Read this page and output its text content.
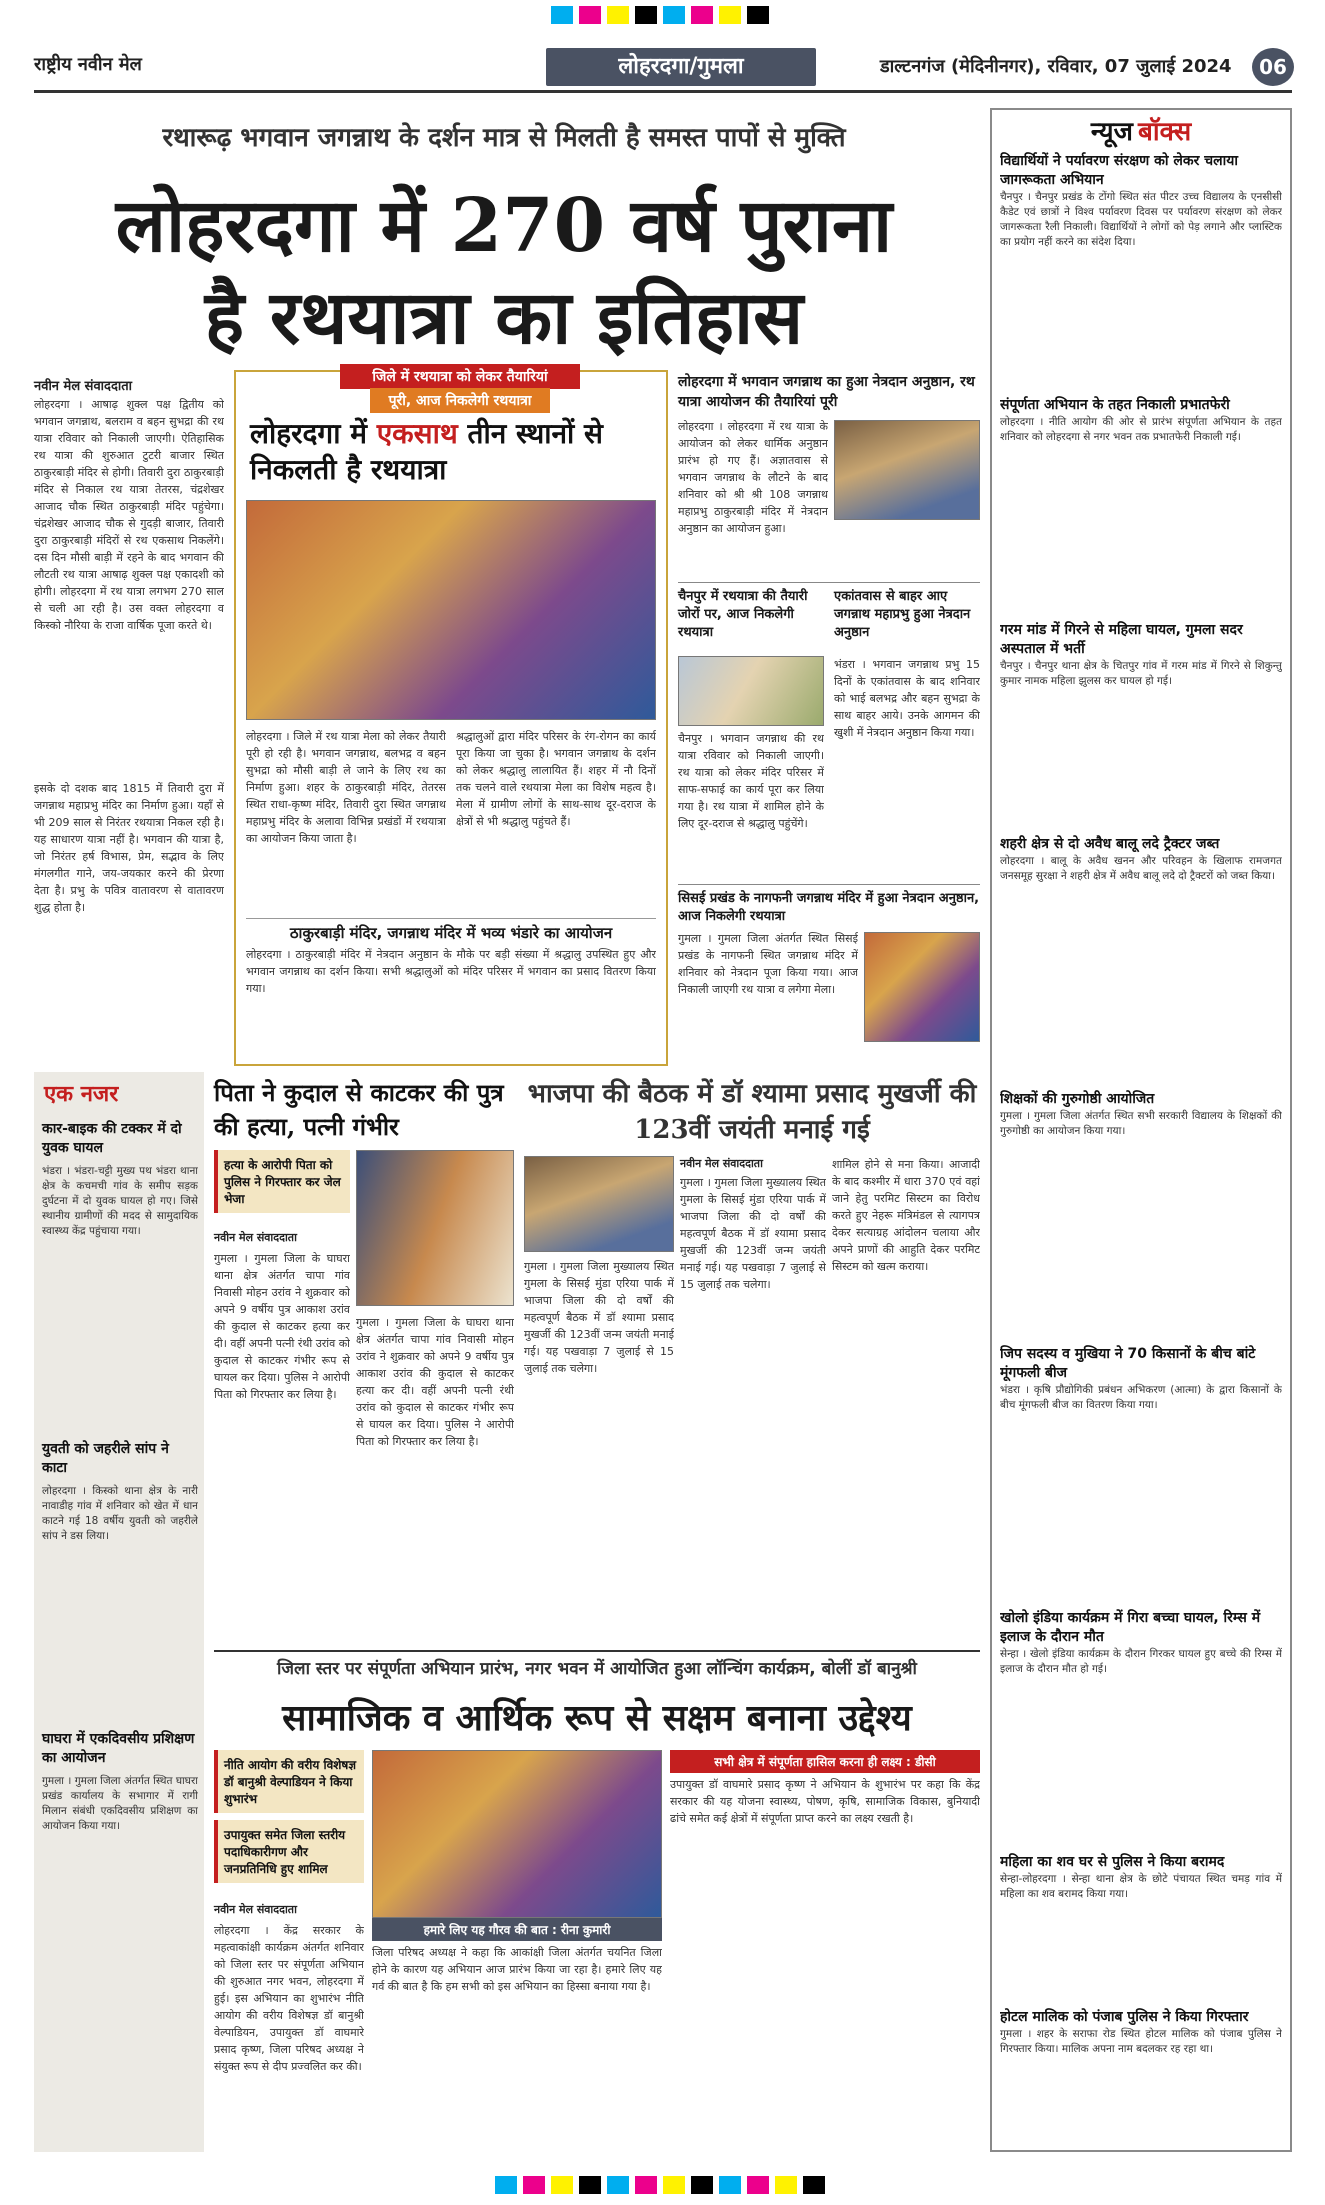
राष्ट्रीय नवीन मेल	लोहरदगा/गुमला	डाल्टनगंज (मेदिनीनगर), रविवार, 07 जुलाई 2024	06
रथारूढ़ भगवान जगन्नाथ के दर्शन मात्र से मिलती है समस्त पापों से मुक्ति
लोहरदगा में 270 वर्ष पुराना
है रथयात्रा का इतिहास
नवीन मेल संवाददाता
लोहरदगा । आषाढ़ शुक्ल पक्ष द्वितीय को भगवान जगन्नाथ, बलराम व बहन सुभद्रा की रथ यात्रा रविवार को निकाली जाएगी। ऐतिहासिक रथ यात्रा की शुरुआत टुटरी बाजार स्थित ठाकुरबाड़ी मंदिर से होगी। तिवारी दुरा ठाकुरबाड़ी मंदिर से निकाल रथ यात्रा तेतरस, चंद्रशेखर आजाद चौक स्थित ठाकुरबाड़ी मंदिर पहुंचेगा। चंद्रशेखर आजाद चौक से गुदड़ी बाजार, तिवारी दुरा ठाकुरबाड़ी मंदिरों से रथ एकसाथ निकलेंगे। दस दिन मौसी बाड़ी में रहने के बाद भगवान की लौटती रथ यात्रा आषाढ़ शुक्ल पक्ष एकादशी को होगी। लोहरदगा में रथ यात्रा लगभग 270 साल से चली आ रही है। उस वक्त लोहरदगा व किस्को नौरिया के राजा वार्षिक पूजा करते थे।
इसके दो दशक बाद 1815 में तिवारी दुरा में जगन्नाथ महाप्रभु मंदिर का निर्माण हुआ। यहाँ से भी 209 साल से निरंतर रथयात्रा निकल रही है। यह साधारण यात्रा नहीं है। भगवान की यात्रा है, जो निरंतर हर्ष विभास, प्रेम, सद्भाव के लिए मंगलगीत गाने, जय-जयकार करने की प्रेरणा देता है। प्रभु के पवित्र वातावरण से वातावरण शुद्ध होता है।
जिले में रथयात्रा को लेकर तैयारियां
पूरी, आज निकलेगी रथयात्रा
लोहरदगा में एकसाथ तीन स्थानों से निकलती है रथयात्रा
लोहरदगा । जिले में रथ यात्रा मेला को लेकर तैयारी पूरी हो रही है। भगवान जगन्नाथ, बलभद्र व बहन सुभद्रा को मौसी बाड़ी ले जाने के लिए रथ का निर्माण हुआ। शहर के ठाकुरबाड़ी मंदिर, तेतरस स्थित राधा-कृष्ण मंदिर, तिवारी दुरा स्थित जगन्नाथ महाप्रभु मंदिर के अलावा विभिन्न प्रखंडों में रथयात्रा का आयोजन किया जाता है।
श्रद्धालुओं द्वारा मंदिर परिसर के रंग-रोगन का कार्य पूरा किया जा चुका है। भगवान जगन्नाथ के दर्शन को लेकर श्रद्धालु लालायित हैं। शहर में नौ दिनों तक चलने वाले रथयात्रा मेला का विशेष महत्व है। मेला में ग्रामीण लोगों के साथ-साथ दूर-दराज के क्षेत्रों से भी श्रद्धालु पहुंचते हैं।
ठाकुरबाड़ी मंदिर, जगन्नाथ मंदिर में भव्य भंडारे का आयोजन
लोहरदगा । ठाकुरबाड़ी मंदिर में नेत्रदान अनुष्ठान के मौके पर बड़ी संख्या में श्रद्धालु उपस्थित हुए और भगवान जगन्नाथ का दर्शन किया। सभी श्रद्धालुओं को मंदिर परिसर में भगवान का प्रसाद वितरण किया गया।
लोहरदगा में भगवान जगन्नाथ का हुआ नेत्रदान अनुष्ठान, रथ यात्रा आयोजन की तैयारियां पूरी
लोहरदगा । लोहरदगा में रथ यात्रा के आयोजन को लेकर धार्मिक अनुष्ठान प्रारंभ हो गए हैं। अज्ञातवास से भगवान जगन्नाथ के लौटने के बाद शनिवार को श्री श्री 108 जगन्नाथ महाप्रभु ठाकुरबाड़ी मंदिर में नेत्रदान अनुष्ठान का आयोजन हुआ।
चैनपुर में रथयात्रा की तैयारी जोरों पर, आज निकलेगी रथयात्रा
चैनपुर । भगवान जगन्नाथ की रथ यात्रा रविवार को निकाली जाएगी। रथ यात्रा को लेकर मंदिर परिसर में साफ-सफाई का कार्य पूरा कर लिया गया है। रथ यात्रा में शामिल होने के लिए दूर-दराज से श्रद्धालु पहुंचेंगे।
एकांतवास से बाहर आए जगन्नाथ महाप्रभु हुआ नेत्रदान अनुष्ठान
भंडरा । भगवान जगन्नाथ प्रभु 15 दिनों के एकांतवास के बाद शनिवार को भाई बलभद्र और बहन सुभद्रा के साथ बाहर आये। उनके आगमन की खुशी में नेत्रदान अनुष्ठान किया गया।
सिसई प्रखंड के नागफनी जगन्नाथ मंदिर में हुआ नेत्रदान अनुष्ठान, आज निकलेगी रथयात्रा
गुमला । गुमला जिला अंतर्गत स्थित सिसई प्रखंड के नागफनी स्थित जगन्नाथ मंदिर में शनिवार को नेत्रदान पूजा किया गया। आज निकाली जाएगी रथ यात्रा व लगेगा मेला।
एक नजर
कार-बाइक की टक्कर में दो युवक घायल
भंडरा । भंडरा-चट्टी मुख्य पथ भंडरा थाना क्षेत्र के कचमची गांव के समीप सड़क दुर्घटना में दो युवक घायल हो गए। जिसे स्थानीय ग्रामीणों की मदद से सामुदायिक स्वास्थ्य केंद्र पहुंचाया गया।
युवती को जहरीले सांप ने काटा
लोहरदगा । किस्को थाना क्षेत्र के नारी नावाडीह गांव में शनिवार को खेत में धान काटने गई 18 वर्षीय युवती को जहरीले सांप ने डस लिया।
घाघरा में एकदिवसीय प्रशिक्षण का आयोजन
गुमला । गुमला जिला अंतर्गत स्थित घाघरा प्रखंड कार्यालय के सभागार में रागी मिलान संबंधी एकदिवसीय प्रशिक्षण का आयोजन किया गया।
पिता ने कुदाल से काटकर की पुत्र की हत्या, पत्नी गंभीर
हत्या के आरोपी पिता को पुलिस ने गिरफ्तार कर जेल भेजा
नवीन मेल संवाददाता
गुमला । गुमला जिला के घाघरा थाना क्षेत्र अंतर्गत चापा गांव निवासी मोहन उरांव ने शुक्रवार को अपने 9 वर्षीय पुत्र आकाश उरांव की कुदाल से काटकर हत्या कर दी। वहीं अपनी पत्नी रंथी उरांव को कुदाल से काटकर गंभीर रूप से घायल कर दिया। पुलिस ने आरोपी पिता को गिरफ्तार कर लिया है।
गुमला । गुमला जिला के घाघरा थाना क्षेत्र अंतर्गत चापा गांव निवासी मोहन उरांव ने शुक्रवार को अपने 9 वर्षीय पुत्र आकाश उरांव की कुदाल से काटकर हत्या कर दी। वहीं अपनी पत्नी रंथी उरांव को कुदाल से काटकर गंभीर रूप से घायल कर दिया। पुलिस ने आरोपी पिता को गिरफ्तार कर लिया है।
भाजपा की बैठक में डॉ श्यामा प्रसाद मुखर्जी की 123वीं जयंती मनाई गई
नवीन मेल संवाददाता
गुमला । गुमला जिला मुख्यालय स्थित गुमला के सिसई मुंडा एरिया पार्क में भाजपा जिला की दो वर्षों की महत्वपूर्ण बैठक में डॉ श्यामा प्रसाद मुखर्जी की 123वीं जन्म जयंती मनाई गई। यह पखवाड़ा 7 जुलाई से 15 जुलाई तक चलेगा।
गुमला । गुमला जिला मुख्यालय स्थित गुमला के सिसई मुंडा एरिया पार्क में भाजपा जिला की दो वर्षों की महत्वपूर्ण बैठक में डॉ श्यामा प्रसाद मुखर्जी की 123वीं जन्म जयंती मनाई गई। यह पखवाड़ा 7 जुलाई से 15 जुलाई तक चलेगा।
शामिल होने से मना किया। आजादी के बाद कश्मीर में धारा 370 एवं वहां जाने हेतु परमिट सिस्टम का विरोध करते हुए नेहरू मंत्रिमंडल से त्यागपत्र देकर सत्याग्रह आंदोलन चलाया और अपने प्राणों की आहुति देकर परमिट सिस्टम को खत्म कराया।
जिला स्तर पर संपूर्णता अभियान प्रारंभ, नगर भवन में आयोजित हुआ लॉन्चिंग कार्यक्रम, बोलीं डॉ बानुश्री
सामाजिक व आर्थिक रूप से सक्षम बनाना उद्देश्य
नीति आयोग की वरीय विशेषज्ञ डॉ बानुश्री वेल्पाडियन ने किया शुभारंभ
उपायुक्त समेत जिला स्तरीय पदाधिकारीगण और जनप्रतिनिधि हुए शामिल
नवीन मेल संवाददाता
लोहरदगा । केंद्र सरकार के महत्वाकांक्षी कार्यक्रम अंतर्गत शनिवार को जिला स्तर पर संपूर्णता अभियान की शुरुआत नगर भवन, लोहरदगा में हुई। इस अभियान का शुभारंभ नीति आयोग की वरीय विशेषज्ञ डॉ बानुश्री वेल्पाडियन, उपायुक्त डॉ वाघमारे प्रसाद कृष्ण, जिला परिषद अध्यक्ष ने संयुक्त रूप से दीप प्रज्वलित कर की।
हमारे लिए यह गौरव की बात : रीना कुमारी
जिला परिषद अध्यक्ष ने कहा कि आकांक्षी जिला अंतर्गत चयनित जिला होने के कारण यह अभियान आज प्रारंभ किया जा रहा है। हमारे लिए यह गर्व की बात है कि हम सभी को इस अभियान का हिस्सा बनाया गया है।
सभी क्षेत्र में संपूर्णता हासिल करना ही लक्ष्य : डीसी
उपायुक्त डॉ वाघमारे प्रसाद कृष्ण ने अभियान के शुभारंभ पर कहा कि केंद्र सरकार की यह योजना स्वास्थ्य, पोषण, कृषि, सामाजिक विकास, बुनियादी ढांचे समेत कई क्षेत्रों में संपूर्णता प्राप्त करने का लक्ष्य रखती है।
न्यूज बॉक्स
विद्यार्थियों ने पर्यावरण संरक्षण को लेकर चलाया जागरूकता अभियान
चैनपुर । चैनपुर प्रखंड के टोंगो स्थित संत पीटर उच्च विद्यालय के एनसीसी कैडेट एवं छात्रों ने विश्व पर्यावरण दिवस पर पर्यावरण संरक्षण को लेकर जागरूकता रैली निकाली। विद्यार्थियों ने लोगों को पेड़ लगाने और प्लास्टिक का प्रयोग नहीं करने का संदेश दिया।
संपूर्णता अभियान के तहत निकाली प्रभातफेरी
लोहरदगा । नीति आयोग की ओर से प्रारंभ संपूर्णता अभियान के तहत शनिवार को लोहरदगा से नगर भवन तक प्रभातफेरी निकाली गई।
गरम मांड में गिरने से महिला घायल, गुमला सदर अस्पताल में भर्ती
चैनपुर । चैनपुर थाना क्षेत्र के चितपुर गांव में गरम मांड में गिरने से शिकुन्तु कुमार नामक महिला झुलस कर घायल हो गई।
शहरी क्षेत्र से दो अवैध बालू लदे ट्रैक्टर जब्त
लोहरदगा । बालू के अवैध खनन और परिवहन के खिलाफ रामजगत जनसमूह सुरक्षा ने शहरी क्षेत्र में अवैध बालू लदे दो ट्रैक्टरों को जब्त किया।
शिक्षकों की गुरुगोष्ठी आयोजित
गुमला । गुमला जिला अंतर्गत स्थित सभी सरकारी विद्यालय के शिक्षकों की गुरुगोष्ठी का आयोजन किया गया।
जिप सदस्य व मुखिया ने 70 किसानों के बीच बांटे मूंगफली बीज
भंडरा । कृषि प्रौद्योगिकी प्रबंधन अभिकरण (आत्मा) के द्वारा किसानों के बीच मूंगफली बीज का वितरण किया गया।
खोलो इंडिया कार्यक्रम में गिरा बच्चा घायल, रिम्स में इलाज के दौरान मौत
सेन्हा । खेलो इंडिया कार्यक्रम के दौरान गिरकर घायल हुए बच्चे की रिम्स में इलाज के दौरान मौत हो गई।
महिला का शव घर से पुलिस ने किया बरामद
सेन्हा-लोहरदगा । सेन्हा थाना क्षेत्र के छोटे पंचायत स्थित चमड़ गांव में महिला का शव बरामद किया गया।
होटल मालिक को पंजाब पुलिस ने किया गिरफ्तार
गुमला । शहर के सराफा रोड स्थित होटल मालिक को पंजाब पुलिस ने गिरफ्तार किया। मालिक अपना नाम बदलकर रह रहा था।
